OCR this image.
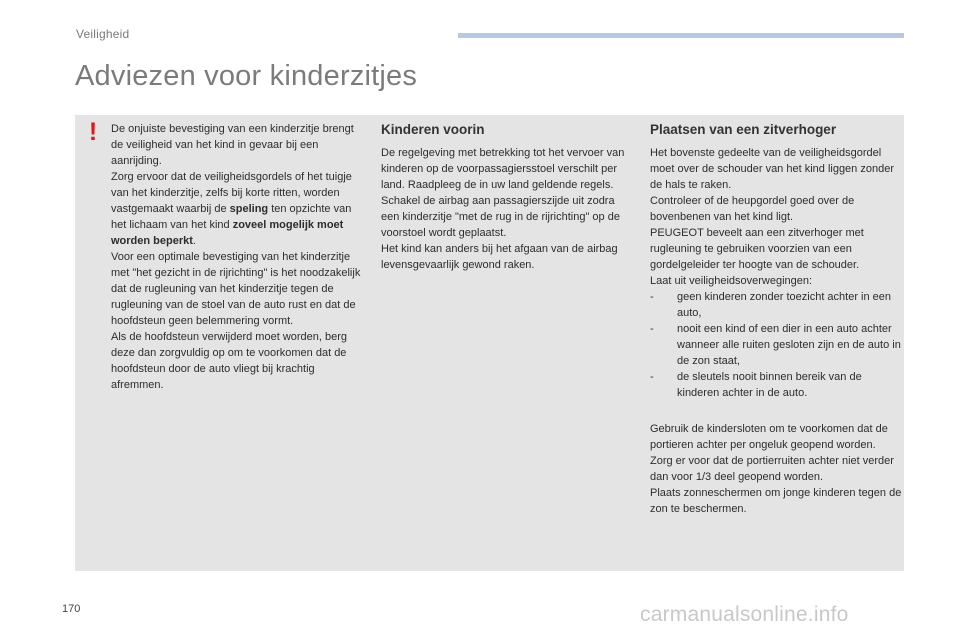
Veiligheid
Adviezen voor kinderzitjes
! De onjuiste bevestiging van een kinderzitje brengt de veiligheid van het kind in gevaar bij een aanrijding.

Zorg ervoor dat de veiligheidsgordels of het tuigje van het kinderzitje, zelfs bij korte ritten, worden vastgemaakt waarbij de speling ten opzichte van het lichaam van het kind zoveel mogelijk moet worden beperkt.

Voor een optimale bevestiging van het kinderzitje met "het gezicht in de rijrichting" is het noodzakelijk dat de rugleuning van het kinderzitje tegen de rugleuning van de stoel van de auto rust en dat de hoofdsteun geen belemmering vormt.

Als de hoofdsteun verwijderd moet worden, berg deze dan zorgvuldig op om te voorkomen dat de hoofdsteun door de auto vliegt bij krachtig afremmen.

Kinderen voorin

De regelgeving met betrekking tot het vervoer van kinderen op de voorpassagiersstoel verschilt per land. Raadpleeg de in uw land geldende regels.

Schakel de airbag aan passagierszijde uit zodra een kinderzitje "met de rug in de rijrichting" op de voorstoel wordt geplaatst.

Het kind kan anders bij het afgaan van de airbag levensgevaarlijk gewond raken.

Plaatsen van een zitverhoger

Het bovenste gedeelte van de veiligheidsgordel moet over de schouder van het kind liggen zonder de hals te raken.

Controleer of de heupgordel goed over de bovenbenen van het kind ligt.

PEUGEOT beveelt aan een zitverhoger met rugleuning te gebruiken voorzien van een gordelgeleider ter hoogte van de schouder.

Laat uit veiligheidsoverwegingen:

-	geen kinderen zonder toezicht achter in een auto,
-	nooit een kind of een dier in een auto achter wanneer alle ruiten gesloten zijn en de auto in de zon staat,
-	de sleutels nooit binnen bereik van de kinderen achter in de auto.

Gebruik de kindersloten om te voorkomen dat de portieren achter per ongeluk geopend worden.

Zorg er voor dat de portierruiten achter niet verder dan voor 1/3 deel geopend worden.

Plaats zonneschermen om jonge kinderen tegen de zon te beschermen.

170	carmanualsonline.info
